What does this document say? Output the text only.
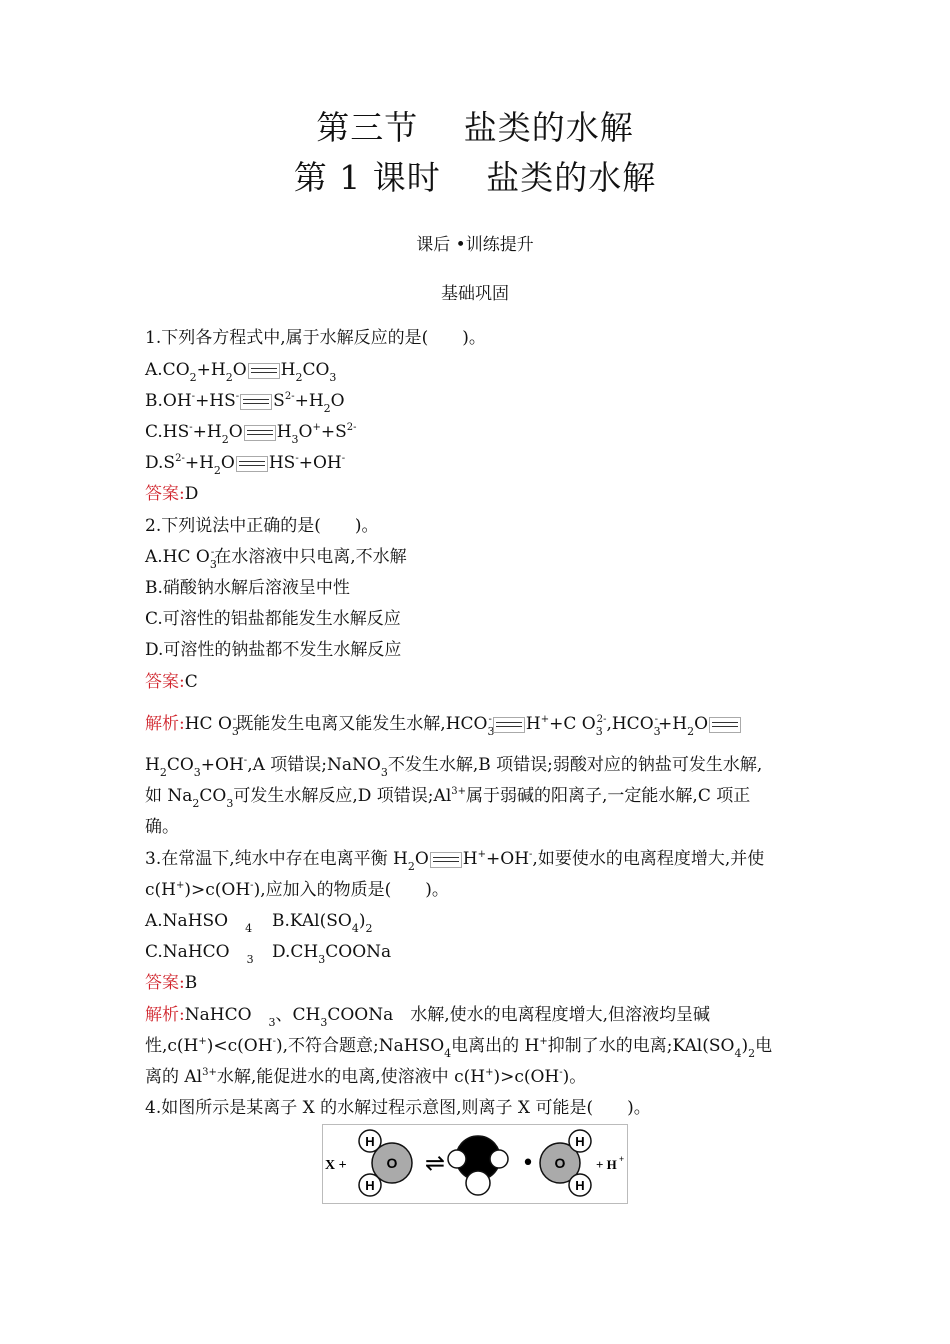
第三节　 盐类的水解
第 1 课时　 盐类的水解
课后 •训练提升
基础巩固
1.下列各方程式中,属于水解反应的是(　　)。
$A.CO_2+H_2O$ $H_2CO_3$
B.OH-+HS- $S^{2-}+H_2O$
$C.HS^-+H_2O$ $H_3O^++S^{2-}$
$D.S^{2-}+H_2O$ HS-+OH-
答案:D
2.下列说法中正确的是(　　)。
A.HC $O_3^-$在水溶液中只电离,不水解
B.硝酸钠水解后溶液呈中性
C.可溶性的铝盐都能发生水解反应
D.可溶性的钠盐都不发生水解反应
答案:C
解析:HC $O_3^-$既能发生电离又能发生水解$,HCO_3^-$ H++C $O_3^{2-},HCO_3^-+H_2O$
$H_2CO_3+OH^-,A$ 项错误;NaNO$_3$不发生水解,B 项错误;弱酸对应的钠盐可发生水解,
如 $Na_2CO_3$可发生水解反应,D 项错误$;Al^{3+}$属于弱碱的阳离子,一定能水解,C 项正
确。
3.在常温下,纯水中存在电离平衡 $H_2O$ H++OH-,如要使水的电离程度增大,并使
c(H+)>c(OH-),应加入的物质是(　　)。
A.NaHSO　 $_4$ $B.KAl(SO_4)_2$
C.NaHCO　 $_3$ $D.CH_3COONa$
答案:B
解析:NaHCO　 $_3$、$CH_3COONa$　水解,使水的电离程度增大,但溶液均呈碱
性,c(H+)<c(OH-),不符合题意;NaHSO$_4$电离出的 H+抑制了水的电离$;KAl(SO_4)_2$电
离的 $Al^{3+}$水解,能促进水的电离,使溶液中 c(H+)>c(OH-)。
4.如图所示是某离子 X 的水解过程示意图,则离子 X 可能是(　　)。
X +
H
H
O ⇌	• O
H
H
+ H +
